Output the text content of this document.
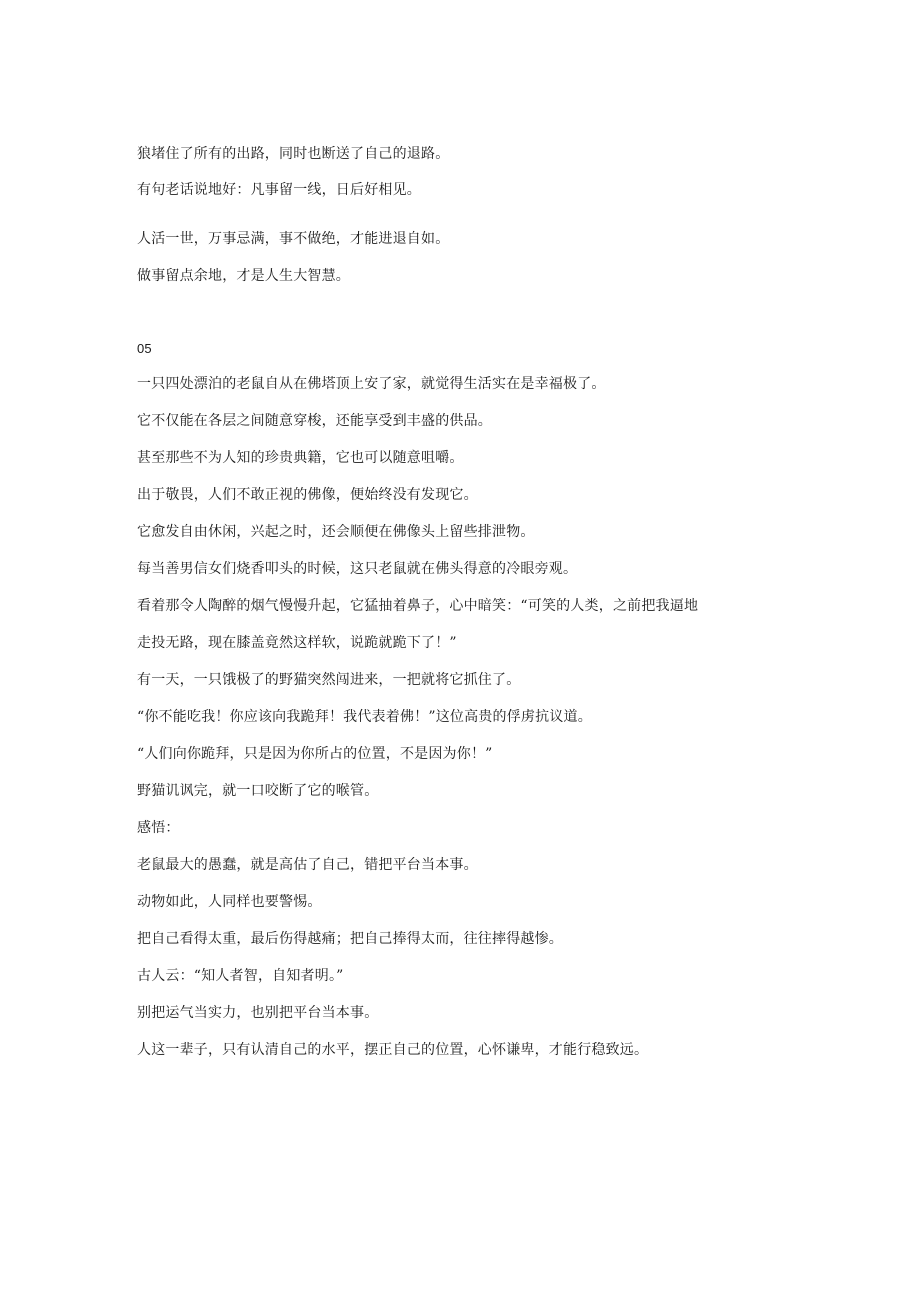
狼堵住了所有的出路，同时也断送了自己的退路。
有句老话说地好：凡事留一线，日后好相见。
人活一世，万事忌满，事不做绝，才能进退自如。
做事留点余地，才是人生大智慧。
05
一只四处漂泊的老鼠自从在佛塔顶上安了家，就觉得生活实在是幸福极了。
它不仅能在各层之间随意穿梭，还能享受到丰盛的供品。
甚至那些不为人知的珍贵典籍，它也可以随意咀嚼。
出于敬畏，人们不敢正视的佛像，便始终没有发现它。
它愈发自由休闲，兴起之时，还会顺便在佛像头上留些排泄物。
每当善男信女们烧香叩头的时候，这只老鼠就在佛头得意的冷眼旁观。
看着那令人陶醉的烟气慢慢升起，它猛抽着鼻子，心中暗笑：“可笑的人类，之前把我逼地
走投无路，现在膝盖竟然这样软，说跪就跪下了！”
有一天，一只饿极了的野猫突然闯进来，一把就将它抓住了。
“你不能吃我！你应该向我跪拜！我代表着佛！”这位高贵的俘虏抗议道。
“人们向你跪拜，只是因为你所占的位置，不是因为你！”
野猫讥讽完，就一口咬断了它的喉管。
感悟：
老鼠最大的愚蠢，就是高估了自己，错把平台当本事。
动物如此，人同样也要警惕。
把自己看得太重，最后伤得越痛；把自己捧得太而，往往摔得越惨。
古人云：“知人者智，自知者明。”
别把运气当实力，也别把平台当本事。
人这一辈子，只有认清自己的水平，摆正自己的位置，心怀谦卑，才能行稳致远。
